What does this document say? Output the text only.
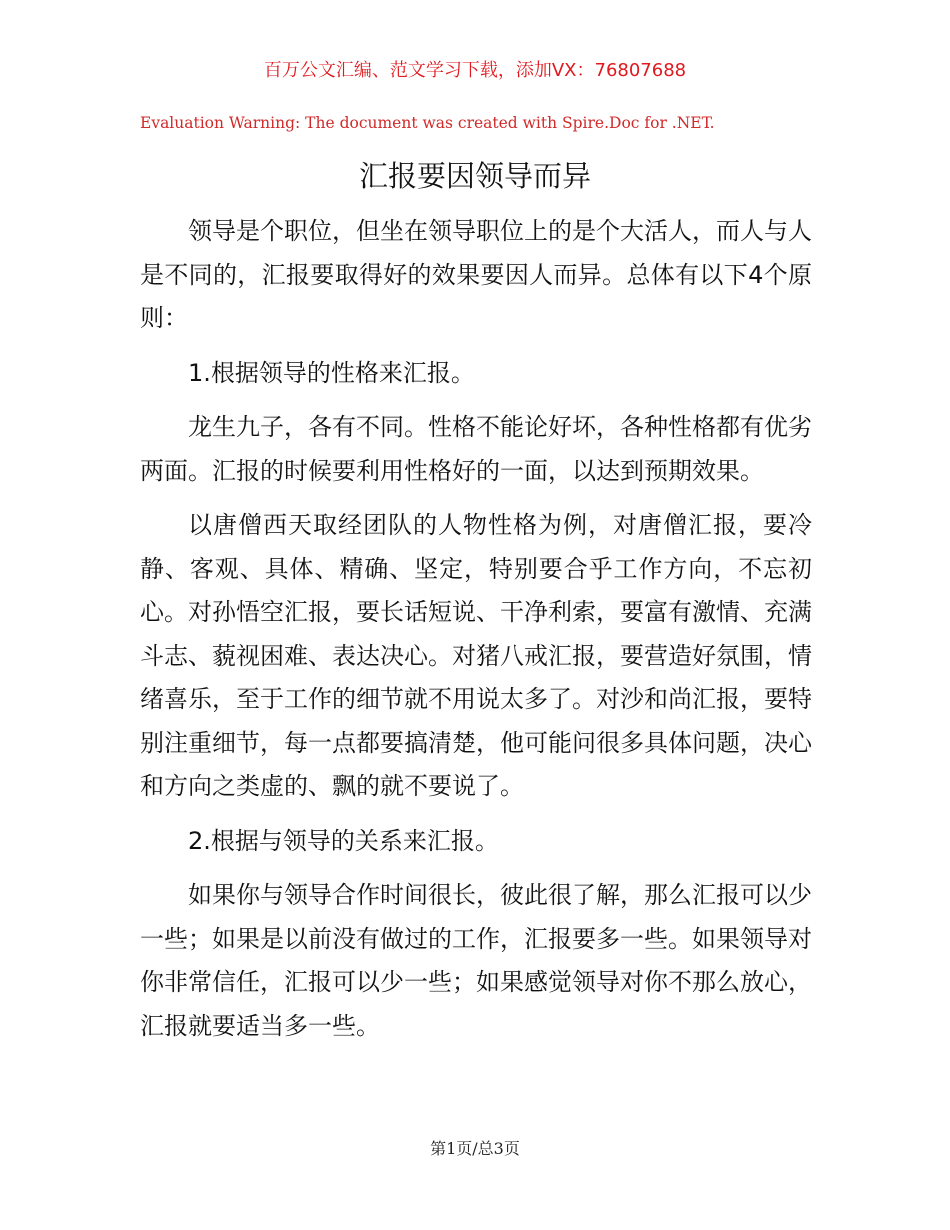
百万公文汇编、范文学习下载，添加VX：76807688
Evaluation Warning: The document was created with Spire.Doc for .NET.
汇报要因领导而异

领导是个职位，但坐在领导职位上的是个大活人，而人与人是不同的，汇报要取得好的效果要因人而异。总体有以下4个原则：

1.根据领导的性格来汇报。

龙生九子，各有不同。性格不能论好坏，各种性格都有优劣两面。汇报的时候要利用性格好的一面，以达到预期效果。

以唐僧西天取经团队的人物性格为例，对唐僧汇报，要冷静、客观、具体、精确、坚定，特别要合乎工作方向，不忘初心。对孙悟空汇报，要长话短说、干净利索，要富有激情、充满斗志、藐视困难、表达决心。对猪八戒汇报，要营造好氛围，情绪喜乐，至于工作的细节就不用说太多了。对沙和尚汇报，要特别注重细节，每一点都要搞清楚，他可能问很多具体问题，决心和方向之类虚的、飘的就不要说了。

2.根据与领导的关系来汇报。

如果你与领导合作时间很长，彼此很了解，那么汇报可以少一些；如果是以前没有做过的工作，汇报要多一些。如果领导对你非常信任，汇报可以少一些；如果感觉领导对你不那么放心，汇报就要适当多一些。

第1页/总3页
